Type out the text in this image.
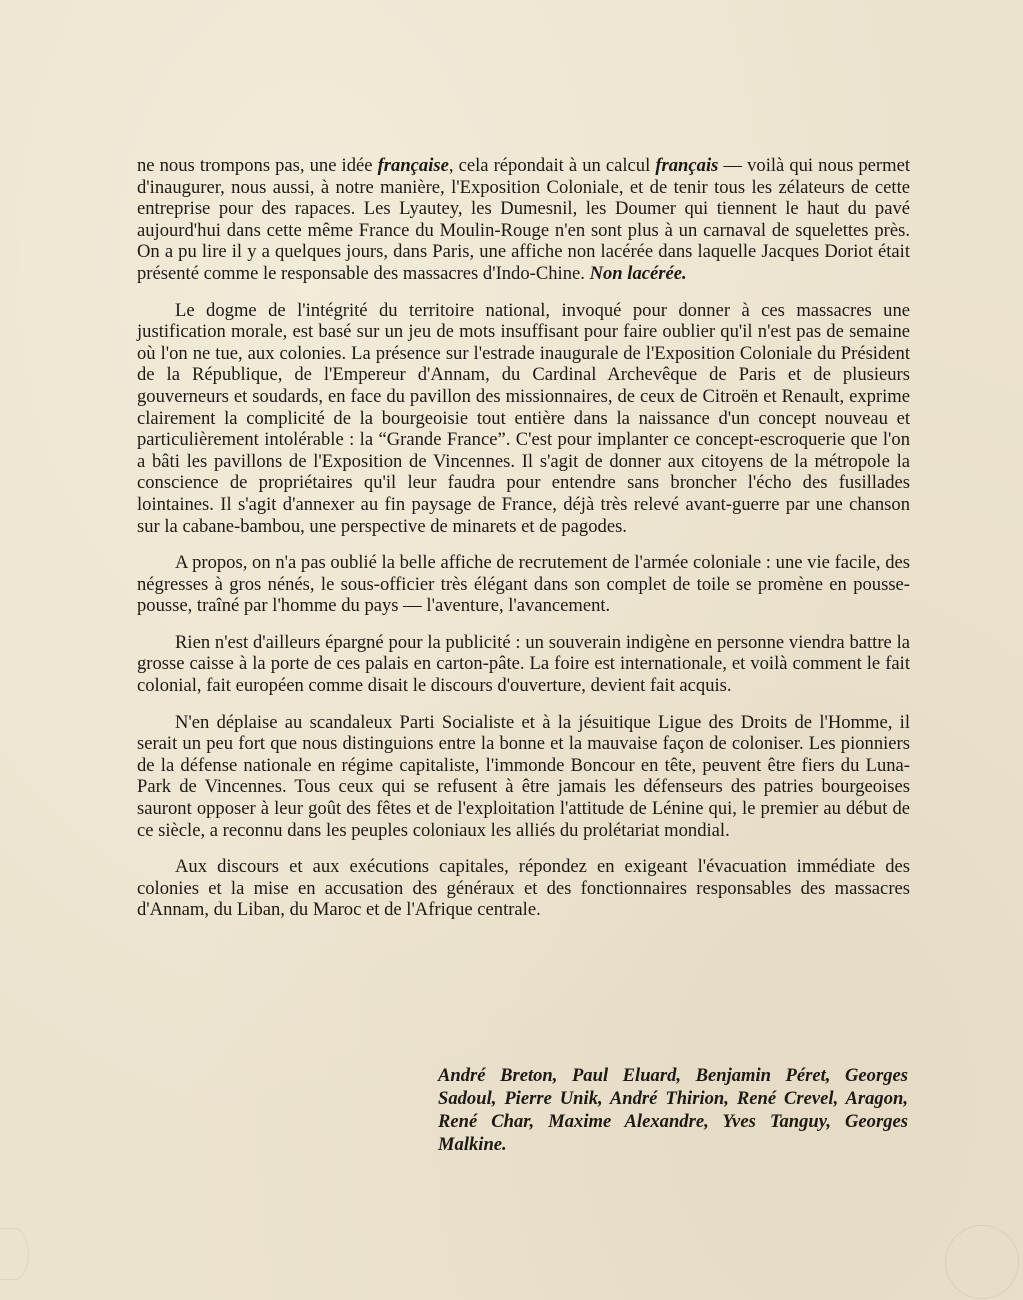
ne nous trompons pas, une idée française, cela répondait à un calcul français — voilà qui nous permet d'inaugurer, nous aussi, à notre manière, l'Exposition Coloniale, et de tenir tous les zélateurs de cette entreprise pour des rapaces. Les Lyautey, les Dumesnil, les Doumer qui tiennent le haut du pavé aujourd'hui dans cette même France du Moulin-Rouge n'en sont plus à un carnaval de squelettes près. On a pu lire il y a quelques jours, dans Paris, une affiche non lacérée dans laquelle Jacques Doriot était présenté comme le responsable des massacres d'Indo-Chine. Non lacérée.

Le dogme de l'intégrité du territoire national, invoqué pour donner à ces massacres une justification morale, est basé sur un jeu de mots insuffisant pour faire oublier qu'il n'est pas de semaine où l'on ne tue, aux colonies. La présence sur l'estrade inaugurale de l'Exposition Coloniale du Président de la République, de l'Empereur d'Annam, du Cardinal Archevêque de Paris et de plusieurs gouverneurs et soudards, en face du pavillon des missionnaires, de ceux de Citroën et Renault, exprime clairement la complicité de la bourgeoisie tout entière dans la naissance d'un concept nouveau et particulièrement intolérable : la “Grande France”. C'est pour implanter ce concept-escroquerie que l'on a bâti les pavillons de l'Exposition de Vincennes. Il s'agit de donner aux citoyens de la métropole la conscience de propriétaires qu'il leur faudra pour entendre sans broncher l'écho des fusillades lointaines. Il s'agit d'annexer au fin paysage de France, déjà très relevé avant-guerre par une chanson sur la cabane-bambou, une perspective de minarets et de pagodes.

A propos, on n'a pas oublié la belle affiche de recrutement de l'armée coloniale : une vie facile, des négresses à gros nénés, le sous-officier très élégant dans son complet de toile se promène en pousse-pousse, traîné par l'homme du pays — l'aventure, l'avancement.

Rien n'est d'ailleurs épargné pour la publicité : un souverain indigène en personne viendra battre la grosse caisse à la porte de ces palais en carton-pâte. La foire est internationale, et voilà comment le fait colonial, fait européen comme disait le discours d'ouverture, devient fait acquis.

N'en déplaise au scandaleux Parti Socialiste et à la jésuitique Ligue des Droits de l'Homme, il serait un peu fort que nous distinguions entre la bonne et la mauvaise façon de coloniser. Les pionniers de la défense nationale en régime capitaliste, l'immonde Boncour en tête, peuvent être fiers du Luna-Park de Vincennes. Tous ceux qui se refusent à être jamais les défenseurs des patries bourgeoises sauront opposer à leur goût des fêtes et de l'exploitation l'attitude de Lénine qui, le premier au début de ce siècle, a reconnu dans les peuples coloniaux les alliés du prolétariat mondial.

Aux discours et aux exécutions capitales, répondez en exigeant l'évacuation immédiate des colonies et la mise en accusation des généraux et des fonctionnaires responsables des massacres d'Annam, du Liban, du Maroc et de l'Afrique centrale.

André Breton, Paul Eluard, Benjamin Péret, Georges Sadoul, Pierre Unik, André Thirion, René Crevel, Aragon, René Char, Maxime Alexandre, Yves Tanguy, Georges Malkine.
